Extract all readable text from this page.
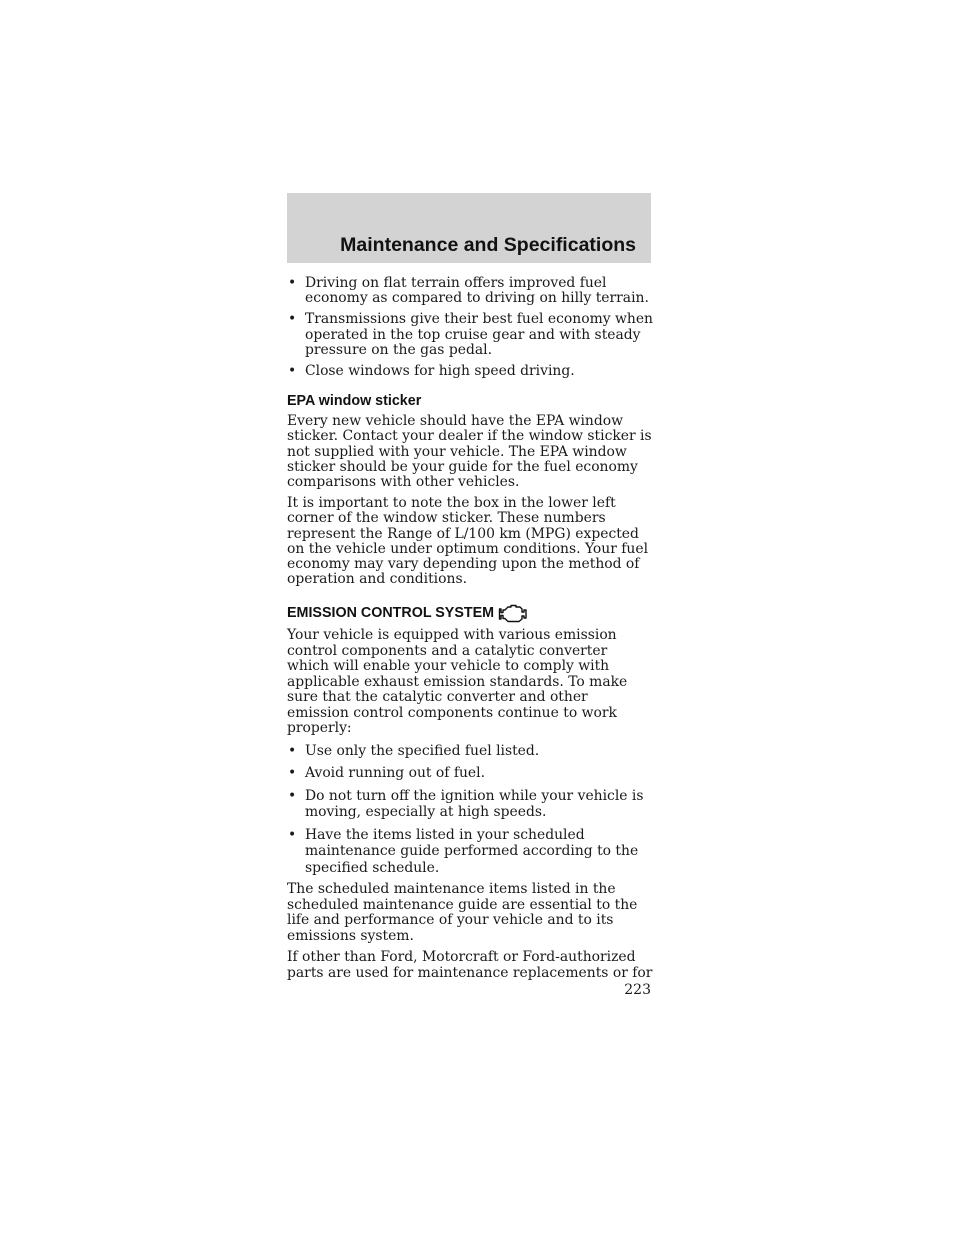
Maintenance and Specifications
• Driving on flat terrain offers improved fuel economy as compared to driving on hilly terrain.
• Transmissions give their best fuel economy when operated in the top cruise gear and with steady pressure on the gas pedal.
• Close windows for high speed driving.
EPA window sticker

Every new vehicle should have the EPA window sticker. Contact your dealer if the window sticker is not supplied with your vehicle. The EPA window sticker should be your guide for the fuel economy comparisons with other vehicles.

It is important to note the box in the lower left corner of the window sticker. These numbers represent the Range of L/100 km (MPG) expected on the vehicle under optimum conditions. Your fuel economy may vary depending upon the method of operation and conditions.

EMISSION CONTROL SYSTEM

Your vehicle is equipped with various emission control components and a catalytic converter which will enable your vehicle to comply with applicable exhaust emission standards. To make sure that the catalytic converter and other emission control components continue to work properly:

• Use only the specified fuel listed.
• Avoid running out of fuel.
• Do not turn off the ignition while your vehicle is moving, especially at high speeds.
• Have the items listed in your scheduled maintenance guide performed according to the specified schedule.

The scheduled maintenance items listed in the scheduled maintenance guide are essential to the life and performance of your vehicle and to its emissions system.

If other than Ford, Motorcraft or Ford-authorized parts are used for maintenance replacements or for

223
